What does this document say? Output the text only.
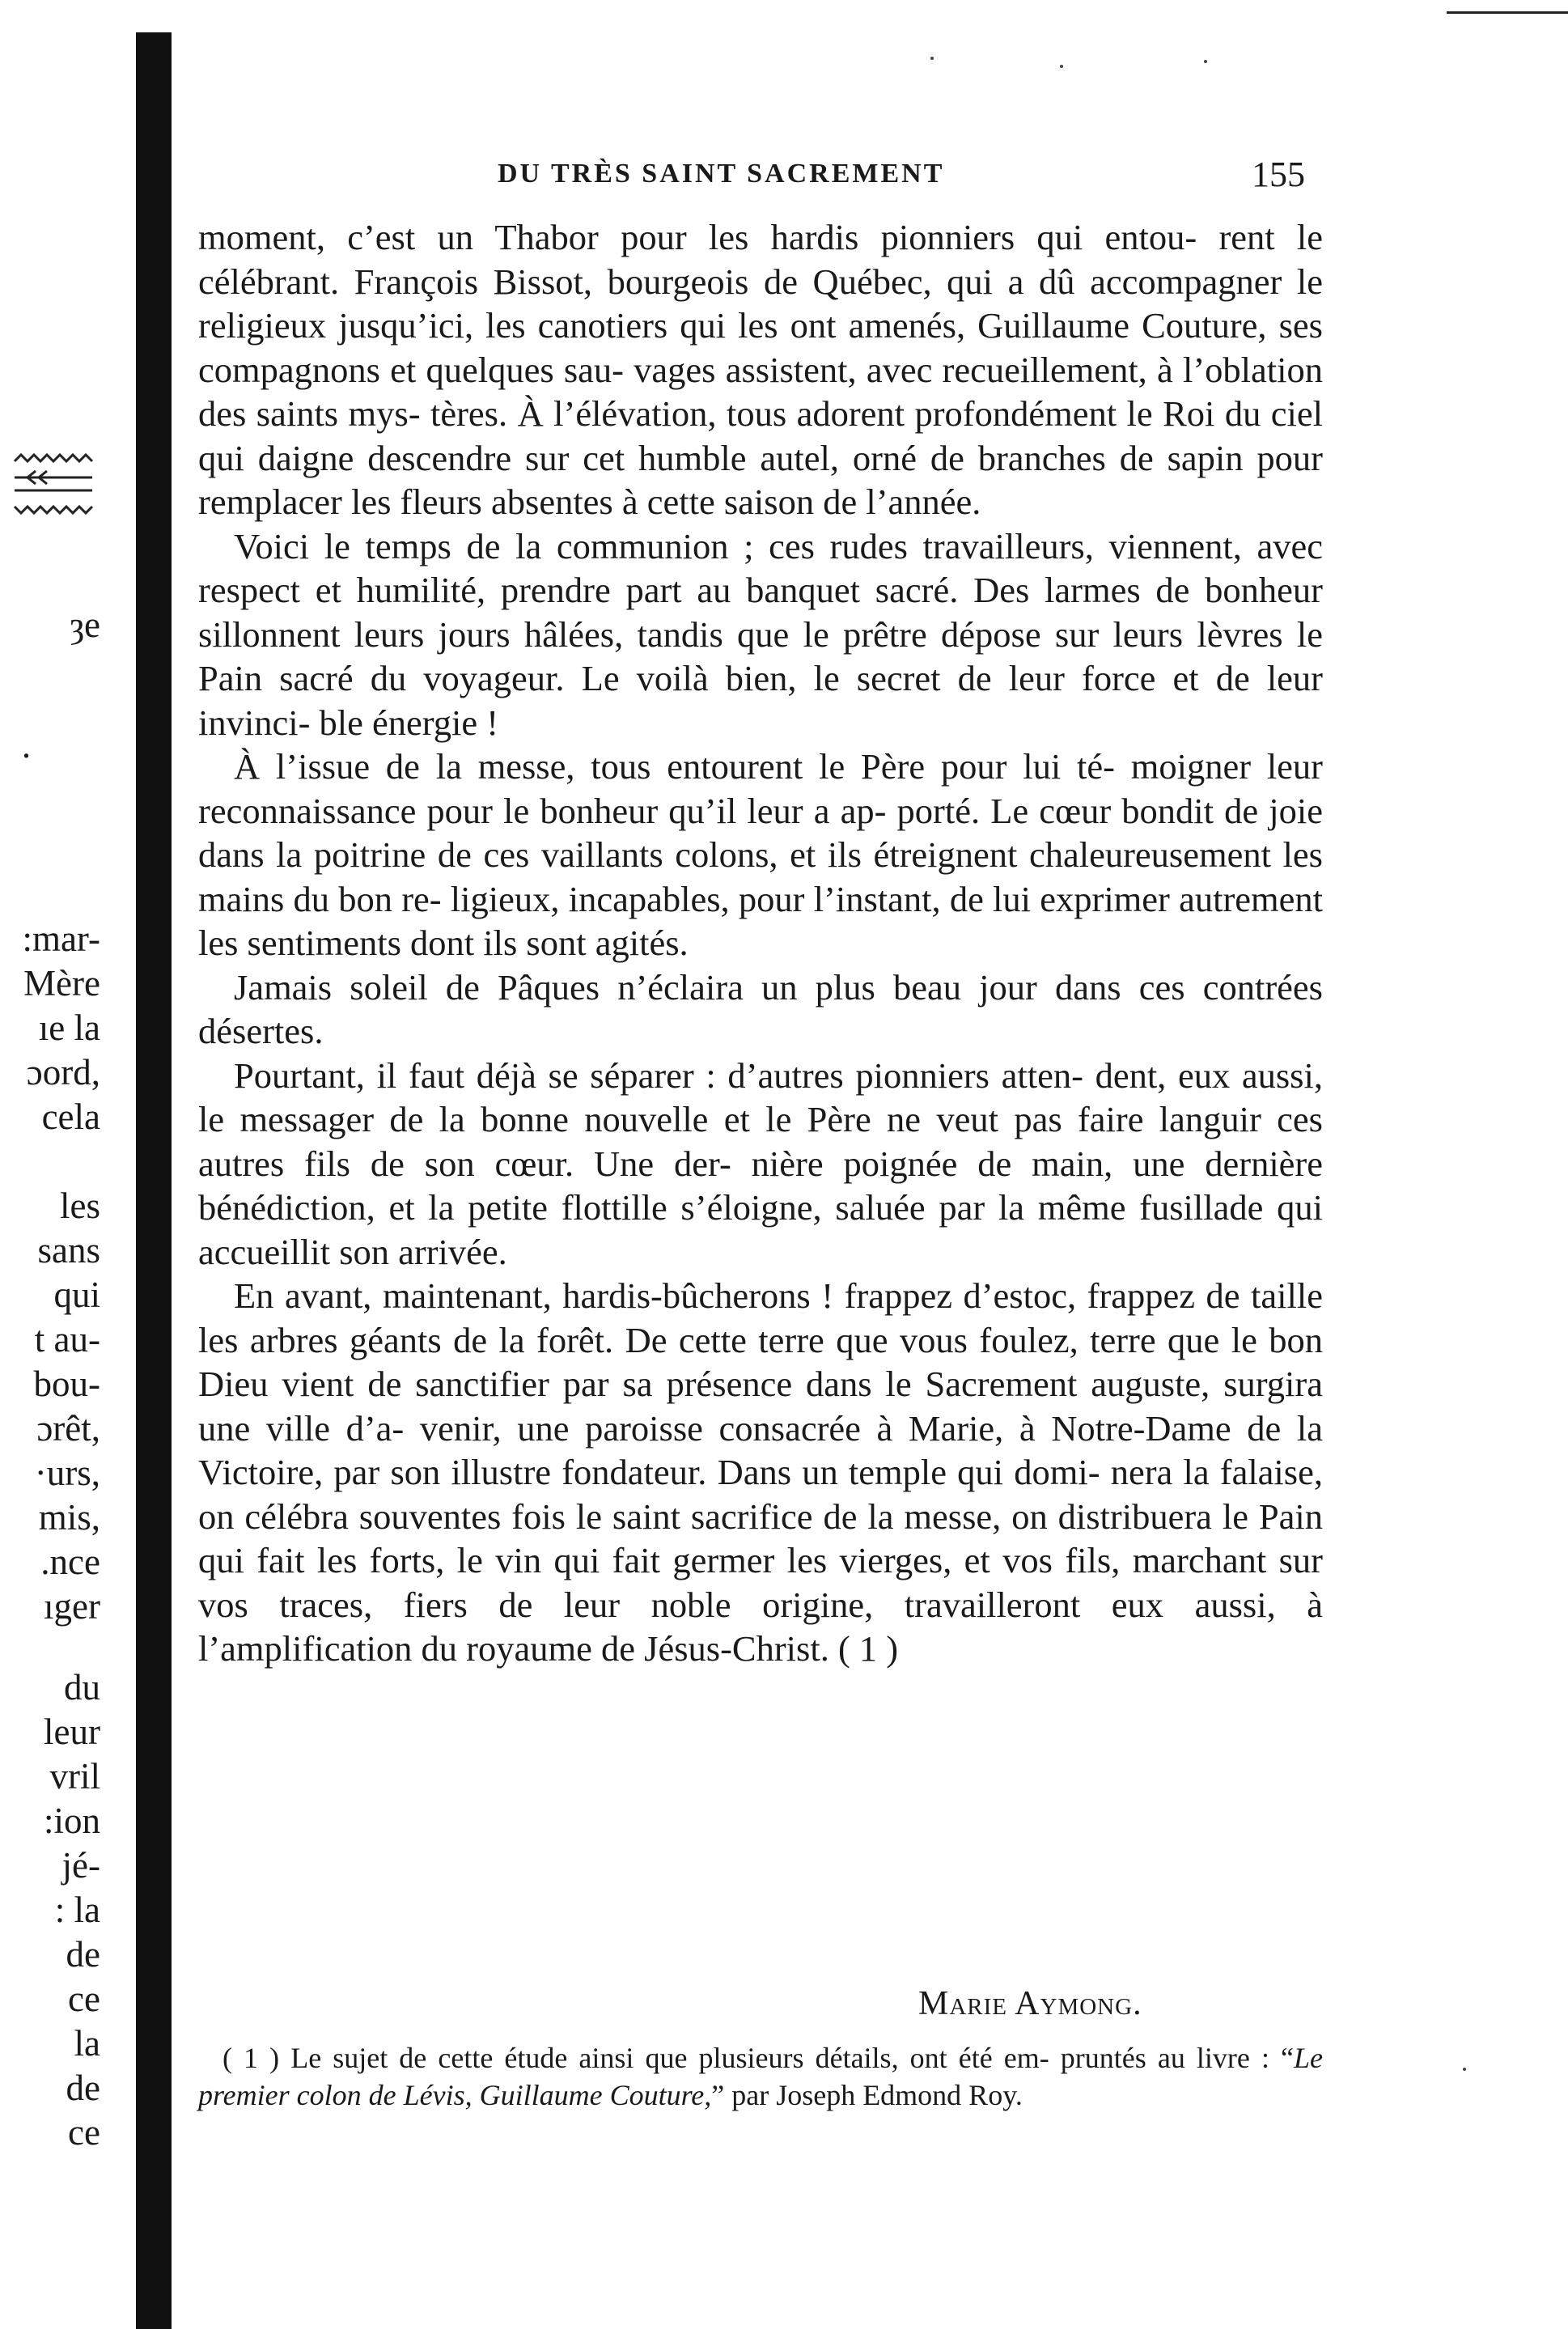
ȝe
·
:mar-
Mère
ıe la
ɔord,
cela
les
sans
qui
t au-
bou-
ɔrêt,
·urs,
mis,
.nce
ıger
du
leur
vril
:ion
jé-
: la
de
ce
la
de
ce
DU TRÈS SAINT SACREMENT	155

moment, c’est un Thabor pour les hardis pionniers qui entou- rent le célébrant. François Bissot, bourgeois de Québec, qui a dû accompagner le religieux jusqu’ici, les canotiers qui les ont amenés, Guillaume Couture, ses compagnons et quelques sau- vages assistent, avec recueillement, à l’oblation des saints mys- tères. À l’élévation, tous adorent profondément le Roi du ciel qui daigne descendre sur cet humble autel, orné de branches de sapin pour remplacer les fleurs absentes à cette saison de l’année.

Voici le temps de la communion ; ces rudes travailleurs, viennent, avec respect et humilité, prendre part au banquet sacré. Des larmes de bonheur sillonnent leurs jours hâlées, tandis que le prêtre dépose sur leurs lèvres le Pain sacré du voyageur. Le voilà bien, le secret de leur force et de leur invinci- ble énergie !

À l’issue de la messe, tous entourent le Père pour lui té- moigner leur reconnaissance pour le bonheur qu’il leur a ap- porté. Le cœur bondit de joie dans la poitrine de ces vaillants colons, et ils étreignent chaleureusement les mains du bon re- ligieux, incapables, pour l’instant, de lui exprimer autrement les sentiments dont ils sont agités.

Jamais soleil de Pâques n’éclaira un plus beau jour dans ces contrées désertes.

Pourtant, il faut déjà se séparer : d’autres pionniers atten- dent, eux aussi, le messager de la bonne nouvelle et le Père ne veut pas faire languir ces autres fils de son cœur. Une der- nière poignée de main, une dernière bénédiction, et la petite flottille s’éloigne, saluée par la même fusillade qui accueillit son arrivée.

En avant, maintenant, hardis-bûcherons ! frappez d’estoc, frappez de taille les arbres géants de la forêt. De cette terre que vous foulez, terre que le bon Dieu vient de sanctifier par sa présence dans le Sacrement auguste, surgira une ville d’a- venir, une paroisse consacrée à Marie, à Notre-Dame de la Victoire, par son illustre fondateur. Dans un temple qui domi- nera la falaise, on célébra souventes fois le saint sacrifice de la messe, on distribuera le Pain qui fait les forts, le vin qui fait germer les vierges, et vos fils, marchant sur vos traces, fiers de leur noble origine, travailleront eux aussi, à l’amplification du royaume de Jésus-Christ. ( 1 )

Marie Aymong.
( 1 ) Le sujet de cette étude ainsi que plusieurs détails, ont été em- pruntés au livre : “Le premier colon de Lévis, Guillaume Couture,” par Joseph Edmond Roy.
